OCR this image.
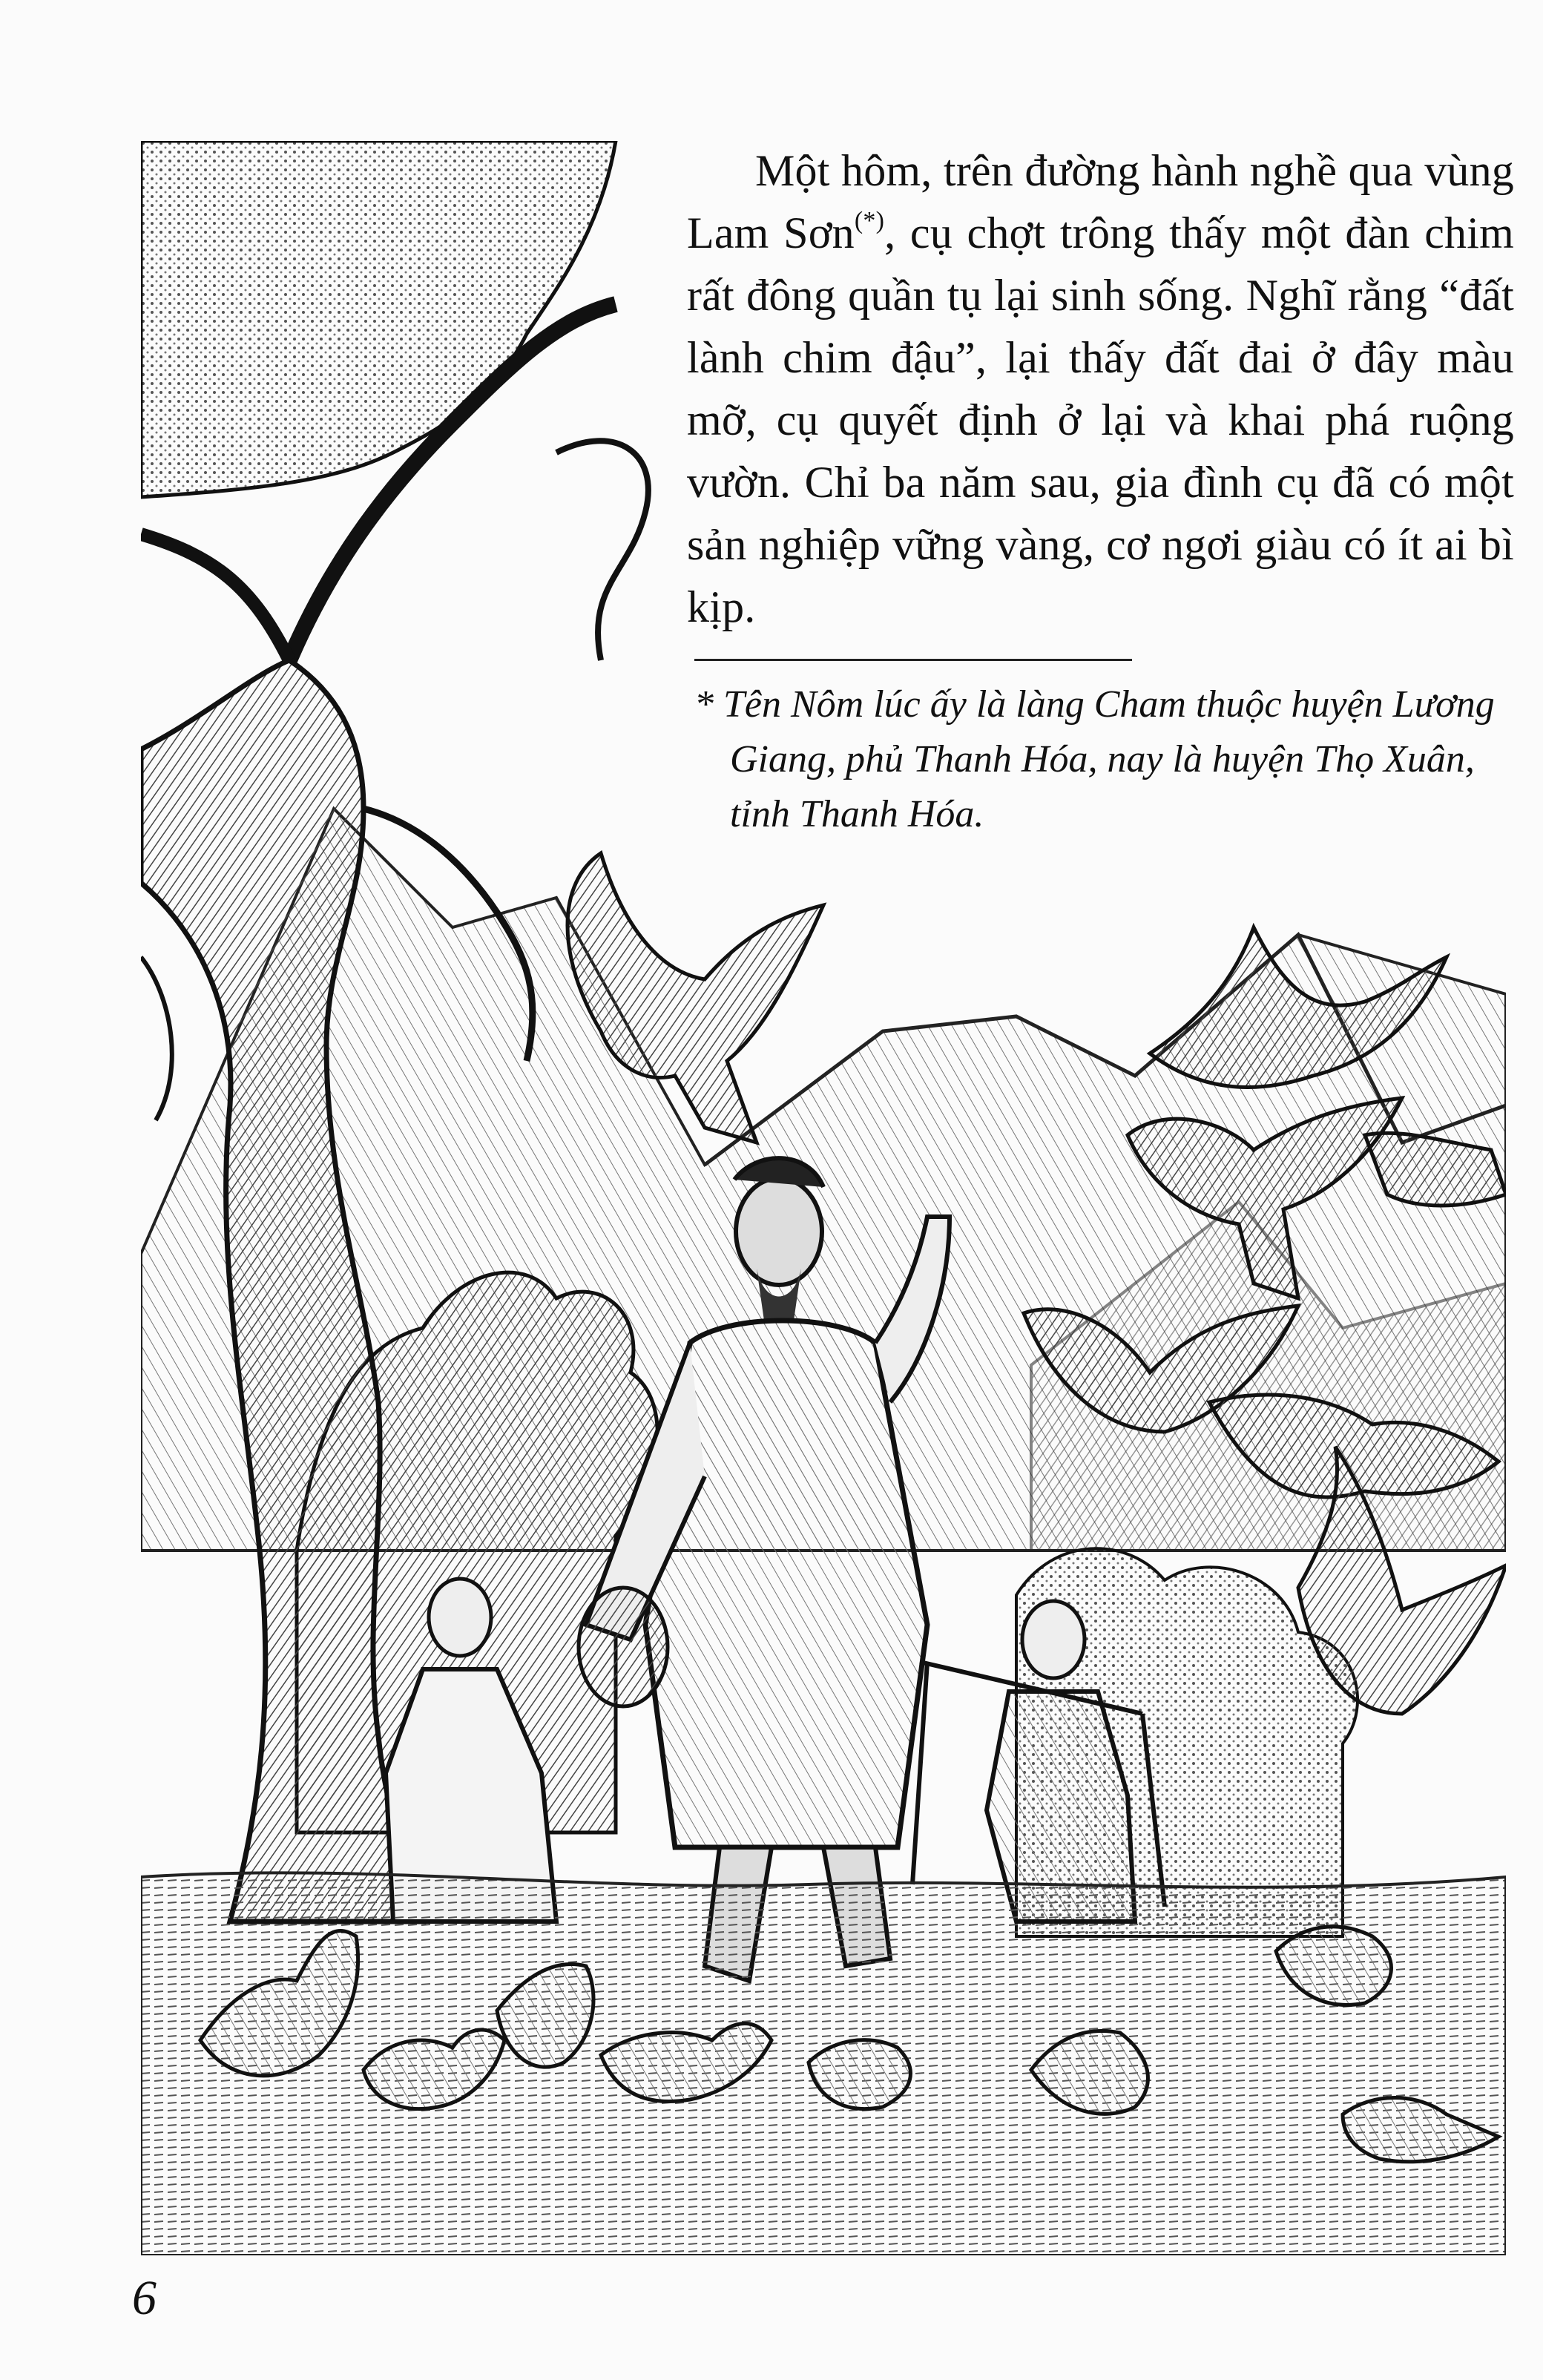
Một hôm, trên đường hành nghề qua vùng Lam Sơn(*), cụ chợt trông thấy một đàn chim rất đông quần tụ lại sinh sống. Nghĩ rằng “đất lành chim đậu”, lại thấy đất đai ở đây màu mỡ, cụ quyết định ở lại và khai phá ruộng vườn. Chỉ ba năm sau, gia đình cụ đã có một sản nghiệp vững vàng, cơ ngơi giàu có ít ai bì kịp.

* Tên Nôm lúc ấy là làng Cham thuộc huyện Lương Giang, phủ Thanh Hóa, nay là huyện Thọ Xuân, tỉnh Thanh Hóa.

6
